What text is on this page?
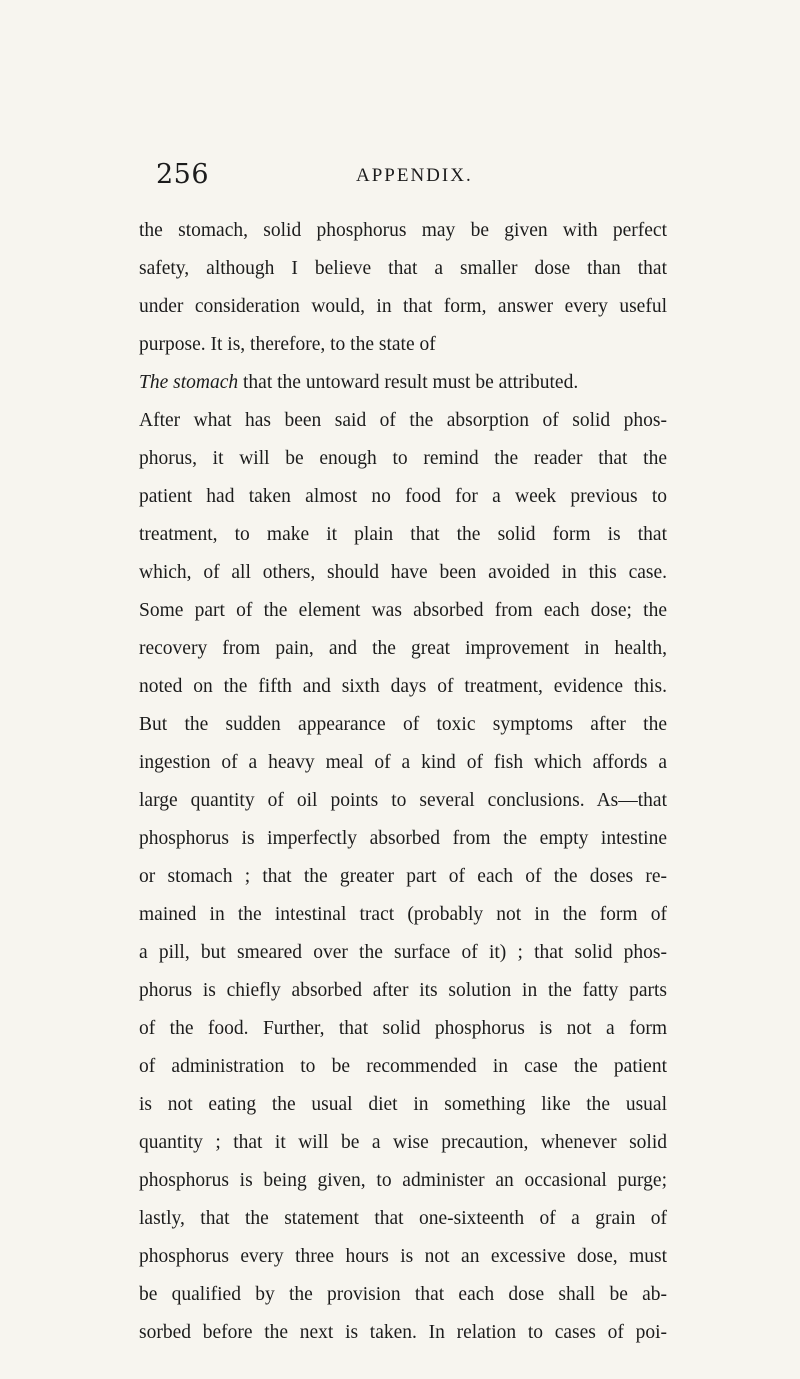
256	APPENDIX.
the stomach, solid phosphorus may be given with perfect
safety, although I believe that a smaller dose than that
under consideration would, in that form, answer every useful
purpose. It is, therefore, to the state of
The stomach that the untoward result must be attributed.
After what has been said of the absorption of solid phos-
phorus, it will be enough to remind the reader that the
patient had taken almost no food for a week previous to
treatment, to make it plain that the solid form is that
which, of all others, should have been avoided in this case.
Some part of the element was absorbed from each dose; the
recovery from pain, and the great improvement in health,
noted on the fifth and sixth days of treatment, evidence this.
But the sudden appearance of toxic symptoms after the
ingestion of a heavy meal of a kind of fish which affords a
large quantity of oil points to several conclusions. As—that
phosphorus is imperfectly absorbed from the empty intestine
or stomach ; that the greater part of each of the doses re-
mained in the intestinal tract (probably not in the form of
a pill, but smeared over the surface of it) ; that solid phos-
phorus is chiefly absorbed after its solution in the fatty parts
of the food. Further, that solid phosphorus is not a form
of administration to be recommended in case the patient
is not eating the usual diet in something like the usual
quantity ; that it will be a wise precaution, whenever solid
phosphorus is being given, to administer an occasional purge;
lastly, that the statement that one-sixteenth of a grain of
phosphorus every three hours is not an excessive dose, must
be qualified by the provision that each dose shall be ab-
sorbed before the next is taken. In relation to cases of poi-
